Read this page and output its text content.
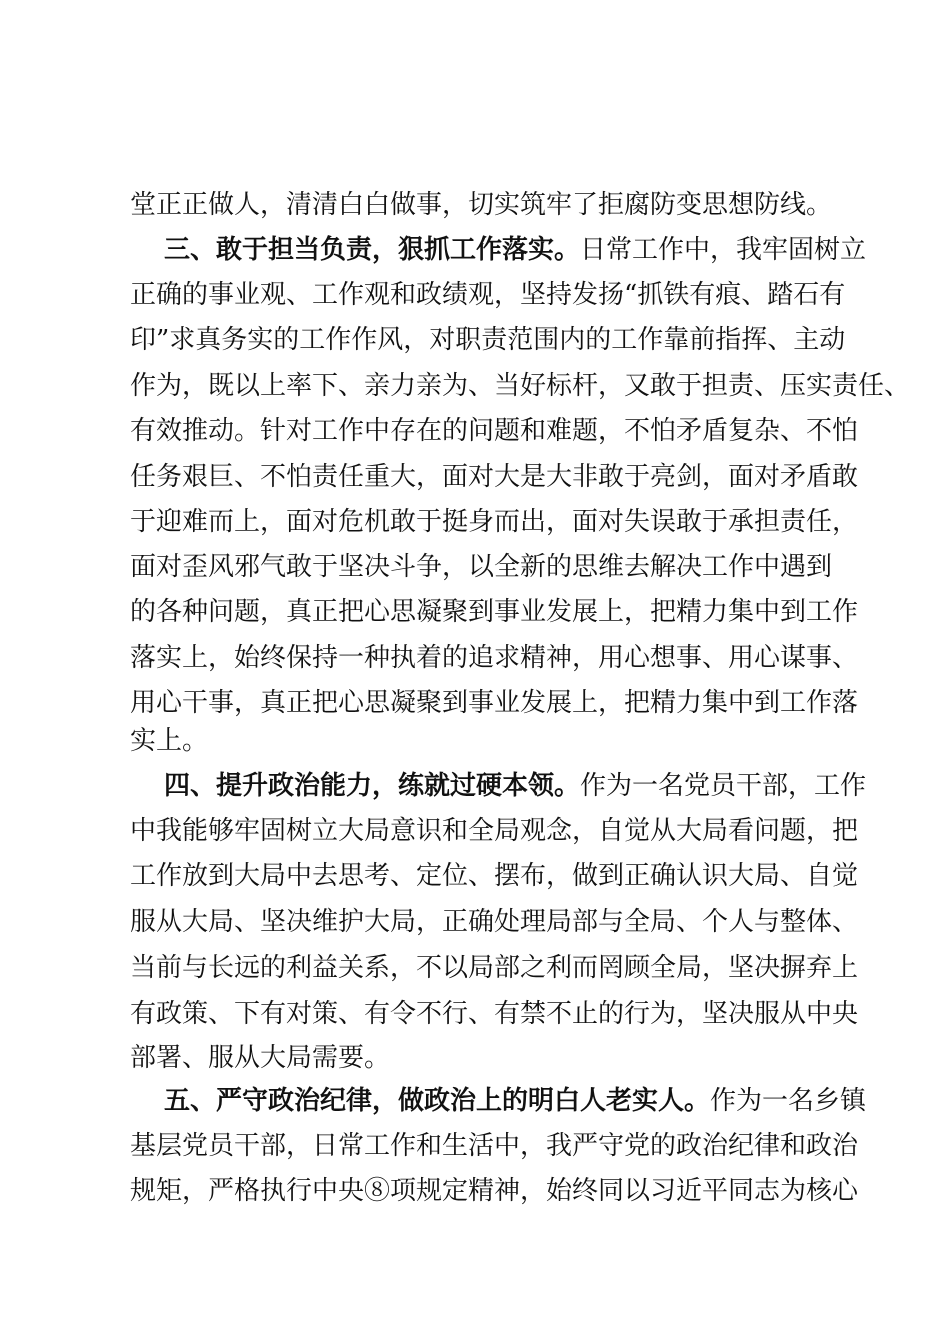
堂正正做人，清清白白做事，切实筑牢了拒腐防变思想防线。
三、敢于担当负责，狠抓工作落实。日常工作中，我牢固树立
正确的事业观、工作观和政绩观，坚持发扬“抓铁有痕、踏石有
印”求真务实的工作作风，对职责范围内的工作靠前指挥、主动
作为，既以上率下、亲力亲为、当好标杆，又敢于担责、压实责任、
有效推动。针对工作中存在的问题和难题，不怕矛盾复杂、不怕
任务艰巨、不怕责任重大，面对大是大非敢于亮剑，面对矛盾敢
于迎难而上，面对危机敢于挺身而出，面对失误敢于承担责任，
面对歪风邪气敢于坚决斗争，以全新的思维去解决工作中遇到
的各种问题，真正把心思凝聚到事业发展上，把精力集中到工作
落实上，始终保持一种执着的追求精神，用心想事、用心谋事、
用心干事，真正把心思凝聚到事业发展上，把精力集中到工作落
实上。
四、提升政治能力，练就过硬本领。作为一名党员干部，工作
中我能够牢固树立大局意识和全局观念，自觉从大局看问题，把
工作放到大局中去思考、定位、摆布，做到正确认识大局、自觉
服从大局、坚决维护大局，正确处理局部与全局、个人与整体、
当前与长远的利益关系，不以局部之利而罔顾全局，坚决摒弃上
有政策、下有对策、有令不行、有禁不止的行为，坚决服从中央
部署、服从大局需要。
五、严守政治纪律，做政治上的明白人老实人。作为一名乡镇
基层党员干部，日常工作和生活中，我严守党的政治纪律和政治
规矩，严格执行中央⑧项规定精神，始终同以习近平同志为核心
